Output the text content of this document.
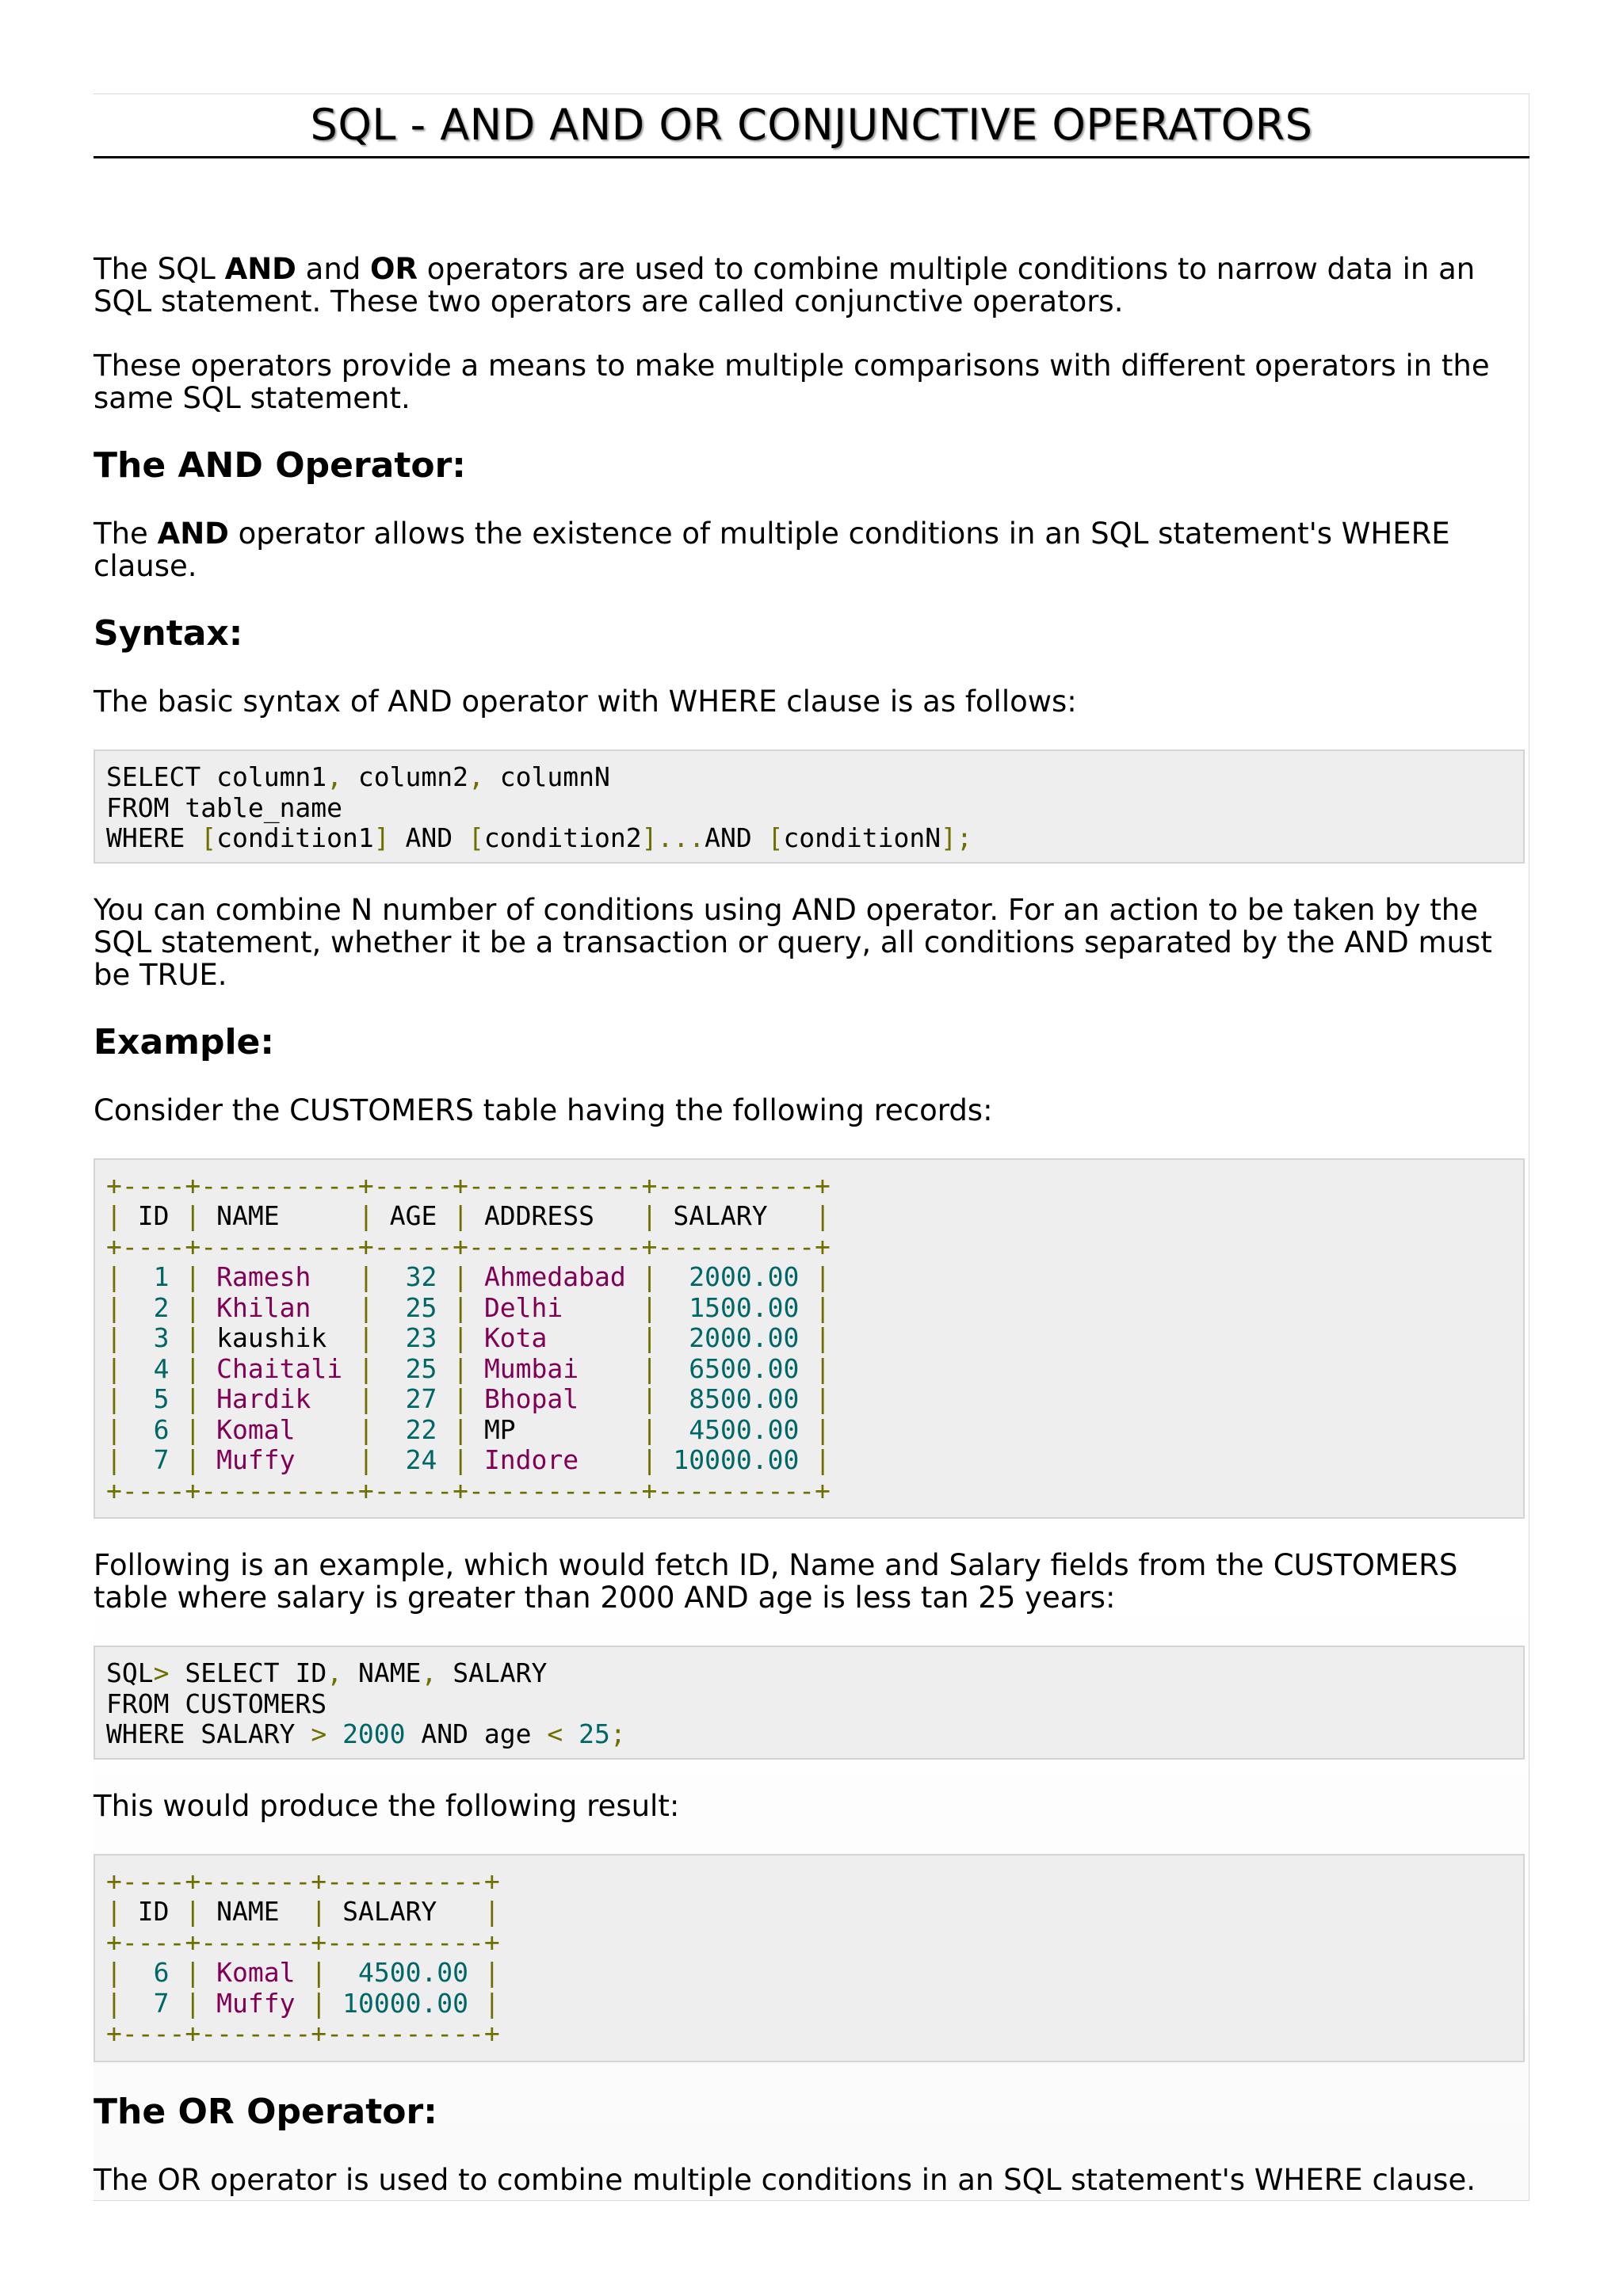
SQL - AND AND OR CONJUNCTIVE OPERATORS

The SQL AND and OR operators are used to combine multiple conditions to narrow data in an SQL statement. These two operators are called conjunctive operators.

These operators provide a means to make multiple comparisons with different operators in the same SQL statement.

The AND Operator:

The AND operator allows the existence of multiple conditions in an SQL statement's WHERE clause.

Syntax:

The basic syntax of AND operator with WHERE clause is as follows:

SELECT column1, column2, columnN
FROM table_name
WHERE [condition1] AND [condition2]...AND [conditionN];

You can combine N number of conditions using AND operator. For an action to be taken by the SQL statement, whether it be a transaction or query, all conditions separated by the AND must be TRUE.

Example:

Consider the CUSTOMERS table having the following records:

+----+----------+-----+-----------+----------+
| ID | NAME     | AGE | ADDRESS   | SALARY   |
+----+----------+-----+-----------+----------+
|  1 | Ramesh   |  32 | Ahmedabad |  2000.00 |
|  2 | Khilan   |  25 | Delhi     |  1500.00 |
|  3 | kaushik  |  23 | Kota      |  2000.00 |
|  4 | Chaitali |  25 | Mumbai    |  6500.00 |
|  5 | Hardik   |  27 | Bhopal    |  8500.00 |
|  6 | Komal    |  22 | MP        |  4500.00 |
|  7 | Muffy    |  24 | Indore    | 10000.00 |
+----+----------+-----+-----------+----------+

Following is an example, which would fetch ID, Name and Salary fields from the CUSTOMERS table where salary is greater than 2000 AND age is less tan 25 years:

SQL> SELECT ID, NAME, SALARY
FROM CUSTOMERS
WHERE SALARY > 2000 AND age < 25;

This would produce the following result:

+----+-------+----------+
| ID | NAME  | SALARY   |
+----+-------+----------+
|  6 | Komal |  4500.00 |
|  7 | Muffy | 10000.00 |
+----+-------+----------+
The OR Operator:

The OR operator is used to combine multiple conditions in an SQL statement's WHERE clause.
